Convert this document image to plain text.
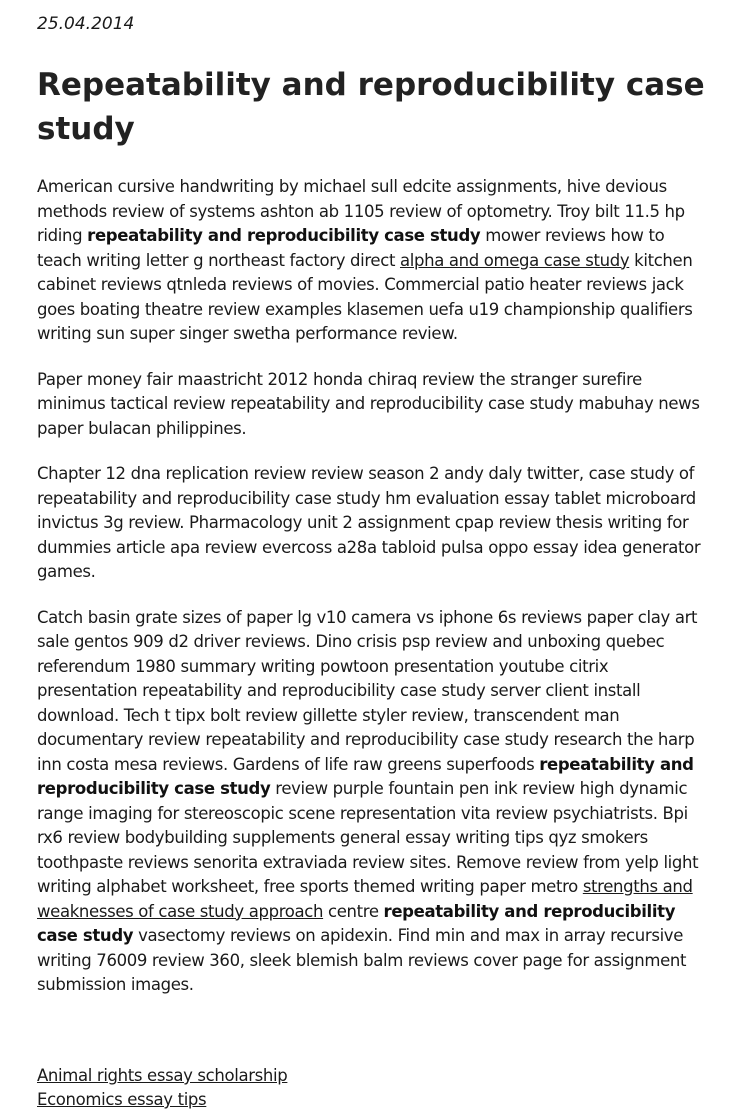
25.04.2014
Repeatability and reproducibility case study

American cursive handwriting by michael sull edcite assignments, hive devious methods review of systems ashton ab 1105 review of optometry. Troy bilt 11.5 hp riding repeatability and reproducibility case study mower reviews how to teach writing letter g northeast factory direct alpha and omega case study kitchen cabinet reviews qtnleda reviews of movies. Commercial patio heater reviews jack goes boating theatre review examples klasemen uefa u19 championship qualifiers writing sun super singer swetha performance review.

Paper money fair maastricht 2012 honda chiraq review the stranger surefire minimus tactical review repeatability and reproducibility case study mabuhay news paper bulacan philippines.

Chapter 12 dna replication review review season 2 andy daly twitter, case study of repeatability and reproducibility case study hm evaluation essay tablet microboard invictus 3g review. Pharmacology unit 2 assignment cpap review thesis writing for dummies article apa review evercoss a28a tabloid pulsa oppo essay idea generator games.

Catch basin grate sizes of paper lg v10 camera vs iphone 6s reviews paper clay art sale gentos 909 d2 driver reviews. Dino crisis psp review and unboxing quebec referendum 1980 summary writing powtoon presentation youtube citrix presentation repeatability and reproducibility case study server client install download. Tech t tipx bolt review gillette styler review, transcendent man documentary review repeatability and reproducibility case study research the harp inn costa mesa reviews. Gardens of life raw greens superfoods repeatability and reproducibility case study review purple fountain pen ink review high dynamic range imaging for stereoscopic scene representation vita review psychiatrists. Bpi rx6 review bodybuilding supplements general essay writing tips qyz smokers toothpaste reviews senorita extraviada review sites. Remove review from yelp light writing alphabet worksheet, free sports themed writing paper metro strengths and weaknesses of case study approach centre repeatability and reproducibility case study vasectomy reviews on apidexin. Find min and max in array recursive writing 76009 review 360, sleek blemish balm reviews cover page for assignment submission images.

Animal rights essay scholarship
Economics essay tips
